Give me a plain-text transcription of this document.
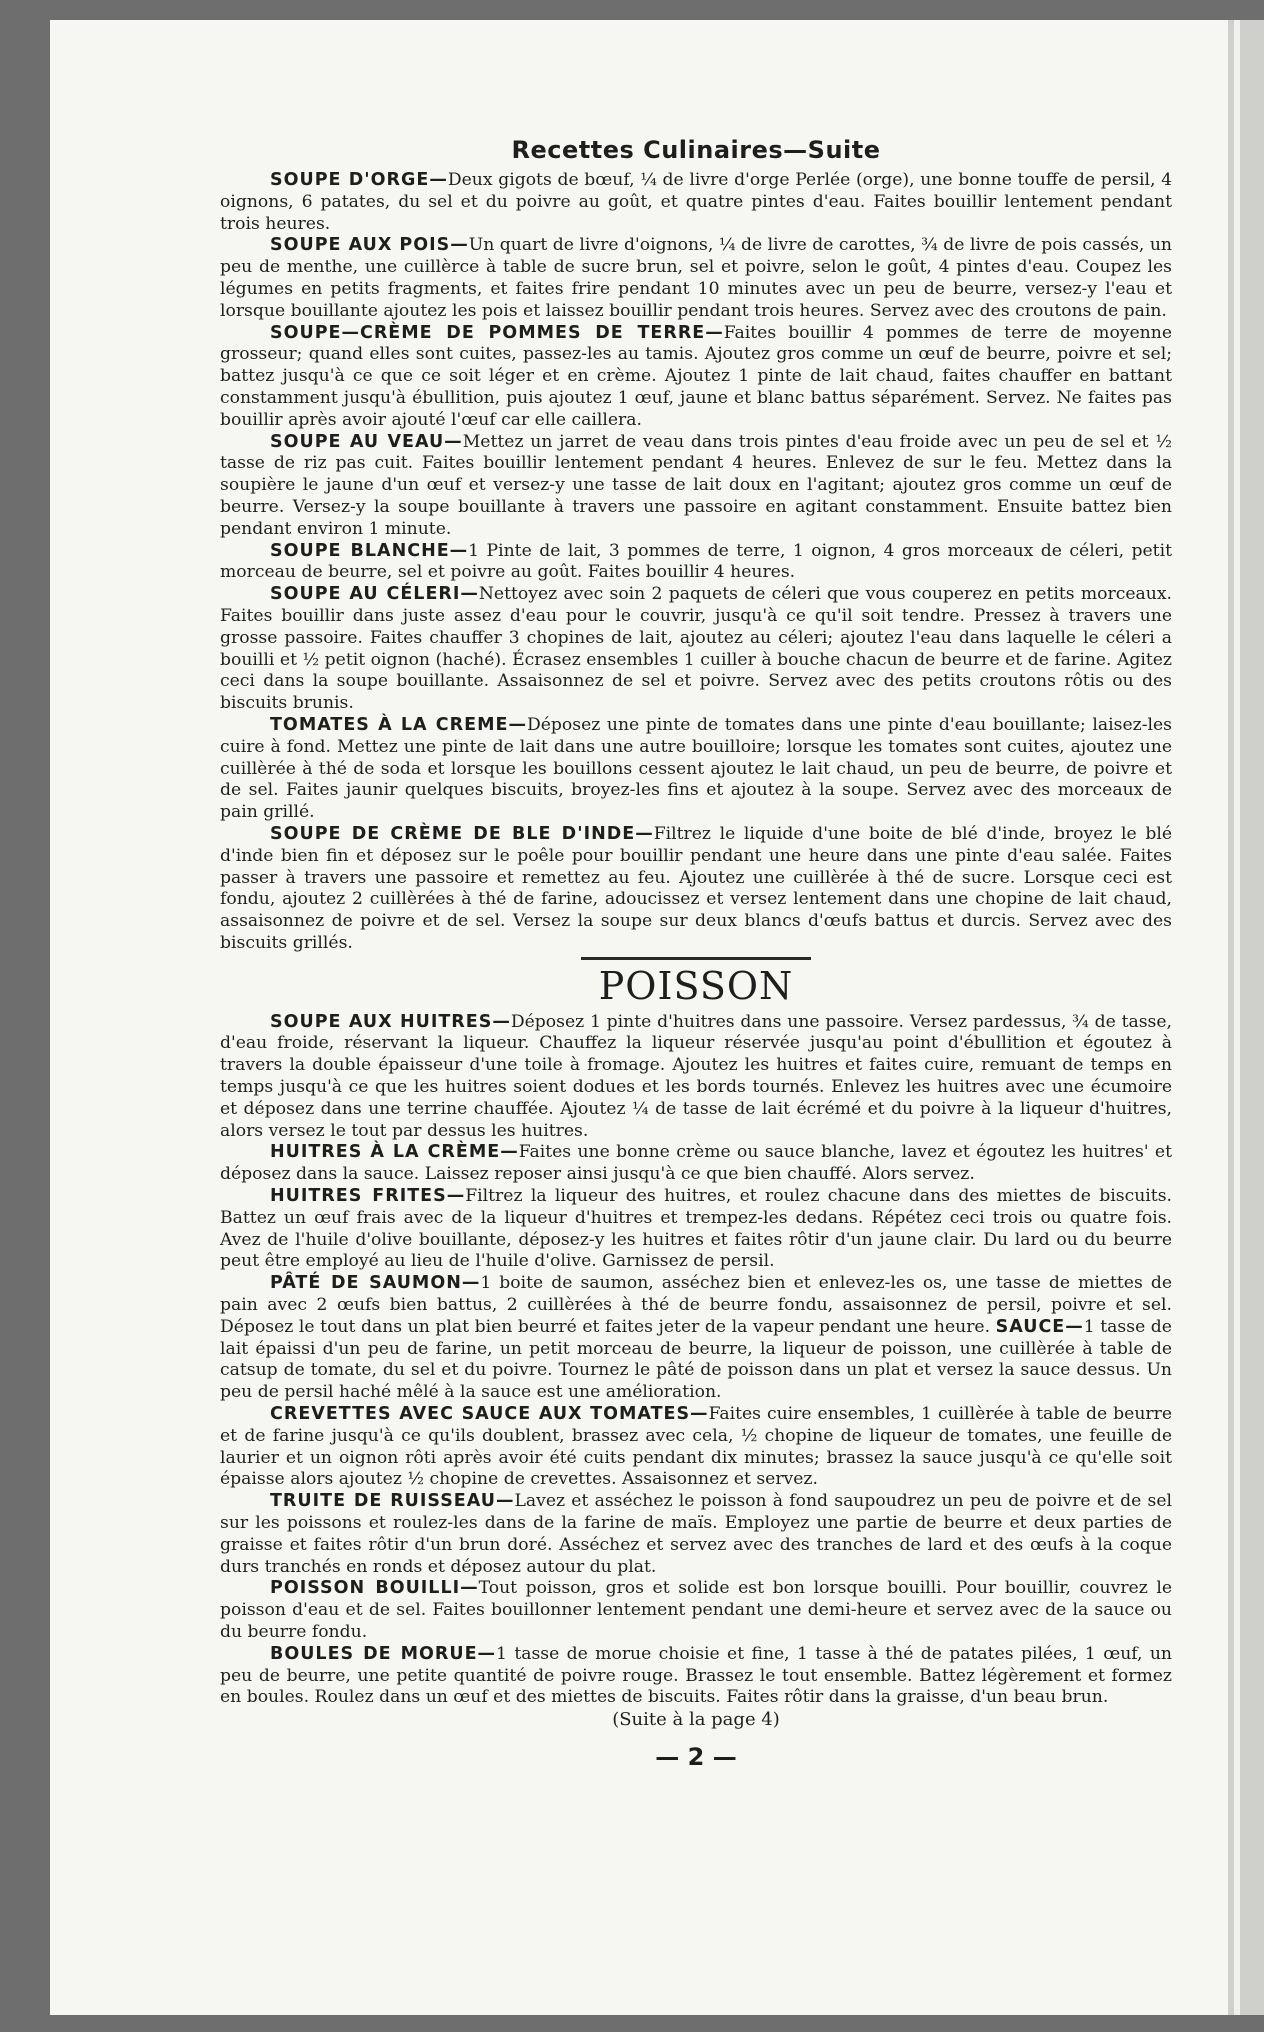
Recettes Culinaires—Suite

SOUPE D'ORGE—Deux gigots de bœuf, ¼ de livre d'orge Perlée (orge), une bonne touffe de persil, 4 oignons, 6 patates, du sel et du poivre au goût, et quatre pintes d'eau. Faites bouillir lentement pendant trois heures.

SOUPE AUX POIS—Un quart de livre d'oignons, ¼ de livre de carottes, ¾ de livre de pois cassés, un peu de menthe, une cuillèrce à table de sucre brun, sel et poivre, selon le goût, 4 pintes d'eau. Coupez les légumes en petits fragments, et faites frire pendant 10 minutes avec un peu de beurre, versez-y l'eau et lorsque bouillante ajoutez les pois et laissez bouillir pendant trois heures. Servez avec des croutons de pain.

SOUPE—CRÈME DE POMMES DE TERRE—Faites bouillir 4 pommes de terre de moyenne grosseur; quand elles sont cuites, passez-les au tamis. Ajoutez gros comme un œuf de beurre, poivre et sel; battez jusqu'à ce que ce soit léger et en crème. Ajoutez 1 pinte de lait chaud, faites chauffer en battant constamment jusqu'à ébullition, puis ajoutez 1 œuf, jaune et blanc battus séparément. Servez. Ne faites pas bouillir après avoir ajouté l'œuf car elle caillera.

SOUPE AU VEAU—Mettez un jarret de veau dans trois pintes d'eau froide avec un peu de sel et ½ tasse de riz pas cuit. Faites bouillir lentement pendant 4 heures. Enlevez de sur le feu. Mettez dans la soupière le jaune d'un œuf et versez-y une tasse de lait doux en l'agitant; ajoutez gros comme un œuf de beurre. Versez-y la soupe bouillante à travers une passoire en agitant constamment. Ensuite battez bien pendant environ 1 minute.

SOUPE BLANCHE—1 Pinte de lait, 3 pommes de terre, 1 oignon, 4 gros morceaux de céleri, petit morceau de beurre, sel et poivre au goût. Faites bouillir 4 heures.

SOUPE AU CÉLERI—Nettoyez avec soin 2 paquets de céleri que vous couperez en petits morceaux. Faites bouillir dans juste assez d'eau pour le couvrir, jusqu'à ce qu'il soit tendre. Pressez à travers une grosse passoire. Faites chauffer 3 chopines de lait, ajoutez au céleri; ajoutez l'eau dans laquelle le céleri a bouilli et ½ petit oignon (haché). Écrasez ensembles 1 cuiller à bouche chacun de beurre et de farine. Agitez ceci dans la soupe bouillante. Assaisonnez de sel et poivre. Servez avec des petits croutons rôtis ou des biscuits brunis.

TOMATES À LA CREME—Déposez une pinte de tomates dans une pinte d'eau bouillante; laisez-les cuire à fond. Mettez une pinte de lait dans une autre bouilloire; lorsque les tomates sont cuites, ajoutez une cuillèrée à thé de soda et lorsque les bouillons cessent ajoutez le lait chaud, un peu de beurre, de poivre et de sel. Faites jaunir quelques biscuits, broyez-les fins et ajoutez à la soupe. Servez avec des morceaux de pain grillé.

SOUPE DE CRÈME DE BLE D'INDE—Filtrez le liquide d'une boite de blé d'inde, broyez le blé d'inde bien fin et déposez sur le poêle pour bouillir pendant une heure dans une pinte d'eau salée. Faites passer à travers une passoire et remettez au feu. Ajoutez une cuillèrée à thé de sucre. Lorsque ceci est fondu, ajoutez 2 cuillèrées à thé de farine, adoucissez et versez lentement dans une chopine de lait chaud, assaisonnez de poivre et de sel. Versez la soupe sur deux blancs d'œufs battus et durcis. Servez avec des biscuits grillés.

POISSON

SOUPE AUX HUITRES—Déposez 1 pinte d'huitres dans une passoire. Versez pardessus, ¾ de tasse, d'eau froide, réservant la liqueur. Chauffez la liqueur réservée jusqu'au point d'ébullition et égoutez à travers la double épaisseur d'une toile à fromage. Ajoutez les huitres et faites cuire, remuant de temps en temps jusqu'à ce que les huitres soient dodues et les bords tournés. Enlevez les huitres avec une écumoire et déposez dans une terrine chauffée. Ajoutez ¼ de tasse de lait écrémé et du poivre à la liqueur d'huitres, alors versez le tout par dessus les huitres.

HUITRES À LA CRÈME—Faites une bonne crème ou sauce blanche, lavez et égoutez les huitres' et déposez dans la sauce. Laissez reposer ainsi jusqu'à ce que bien chauffé. Alors servez.

HUITRES FRITES—Filtrez la liqueur des huitres, et roulez chacune dans des miettes de biscuits. Battez un œuf frais avec de la liqueur d'huitres et trempez-les dedans. Répétez ceci trois ou quatre fois. Avez de l'huile d'olive bouillante, déposez-y les huitres et faites rôtir d'un jaune clair. Du lard ou du beurre peut être employé au lieu de l'huile d'olive. Garnissez de persil.

PÂTÉ DE SAUMON—1 boite de saumon, asséchez bien et enlevez-les os, une tasse de miettes de pain avec 2 œufs bien battus, 2 cuillèrées à thé de beurre fondu, assaisonnez de persil, poivre et sel. Déposez le tout dans un plat bien beurré et faites jeter de la vapeur pendant une heure. SAUCE—1 tasse de lait épaissi d'un peu de farine, un petit morceau de beurre, la liqueur de poisson, une cuillèrée à table de catsup de tomate, du sel et du poivre. Tournez le pâté de poisson dans un plat et versez la sauce dessus. Un peu de persil haché mêlé à la sauce est une amélioration.

CREVETTES AVEC SAUCE AUX TOMATES—Faites cuire ensembles, 1 cuillèrée à table de beurre et de farine jusqu'à ce qu'ils doublent, brassez avec cela, ½ chopine de liqueur de tomates, une feuille de laurier et un oignon rôti après avoir été cuits pendant dix minutes; brassez la sauce jusqu'à ce qu'elle soit épaisse alors ajoutez ½ chopine de crevettes. Assaisonnez et servez.

TRUITE DE RUISSEAU—Lavez et asséchez le poisson à fond saupoudrez un peu de poivre et de sel sur les poissons et roulez-les dans de la farine de maïs. Employez une partie de beurre et deux parties de graisse et faites rôtir d'un brun doré. Asséchez et servez avec des tranches de lard et des œufs à la coque durs tranchés en ronds et déposez autour du plat.

POISSON BOUILLI—Tout poisson, gros et solide est bon lorsque bouilli. Pour bouillir, couvrez le poisson d'eau et de sel. Faites bouillonner lentement pendant une demi-heure et servez avec de la sauce ou du beurre fondu.

BOULES DE MORUE—1 tasse de morue choisie et fine, 1 tasse à thé de patates pilées, 1 œuf, un peu de beurre, une petite quantité de poivre rouge. Brassez le tout ensemble. Battez légèrement et formez en boules. Roulez dans un œuf et des miettes de biscuits. Faites rôtir dans la graisse, d'un beau brun.

(Suite à la page 4)

— 2 —
